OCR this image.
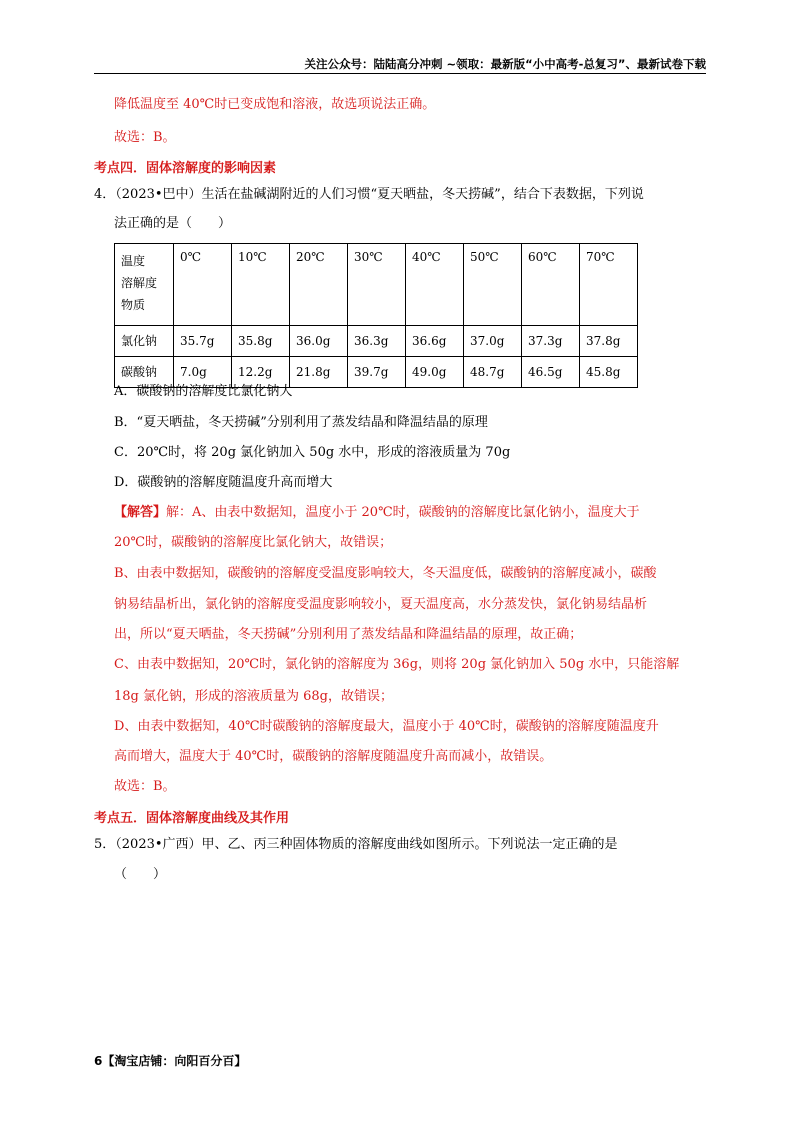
关注公众号：陆陆高分冲刺 ~领取：最新版“小中高考-总复习”、最新试卷下载
降低温度至 40℃时已变成饱和溶液，故选项说法正确。
故选：B。
考点四．固体溶解度的影响因素
4．（2023•巴中）生活在盐碱湖附近的人们习惯“夏天晒盐，冬天捞碱”，结合下表数据，下列说
法正确的是（　　）
温度
溶解度
物质	0℃	10℃	20℃	30℃	40℃	50℃	60℃	70℃
氯化钠	35.7g	35.8g	36.0g	36.3g	36.6g	37.0g	37.3g	37.8g
碳酸钠	7.0g	12.2g	21.8g	39.7g	49.0g	48.7g	46.5g	45.8g
A．碳酸钠的溶解度比氯化钠大
B．“夏天晒盐，冬天捞碱”分别利用了蒸发结晶和降温结晶的原理
C．20℃时，将 20g 氯化钠加入 50g 水中，形成的溶液质量为 70g
D．碳酸钠的溶解度随温度升高而增大
【解答】解：A、由表中数据知，温度小于 20℃时，碳酸钠的溶解度比氯化钠小，温度大于
20℃时，碳酸钠的溶解度比氯化钠大，故错误；
B、由表中数据知，碳酸钠的溶解度受温度影响较大，冬天温度低，碳酸钠的溶解度减小，碳酸
钠易结晶析出，氯化钠的溶解度受温度影响较小，夏天温度高，水分蒸发快，氯化钠易结晶析
出，所以“夏天晒盐，冬天捞碱”分别利用了蒸发结晶和降温结晶的原理，故正确；
C、由表中数据知，20℃时，氯化钠的溶解度为 36g，则将 20g 氯化钠加入 50g 水中，只能溶解
18g 氯化钠，形成的溶液质量为 68g，故错误；
D、由表中数据知，40℃时碳酸钠的溶解度最大，温度小于 40℃时，碳酸钠的溶解度随温度升
高而增大，温度大于 40℃时，碳酸钠的溶解度随温度升高而减小，故错误。
故选：B。
考点五．固体溶解度曲线及其作用
5．（2023•广西）甲、乙、丙三种固体物质的溶解度曲线如图所示。下列说法一定正确的是
（　　）
6【淘宝店铺：向阳百分百】
